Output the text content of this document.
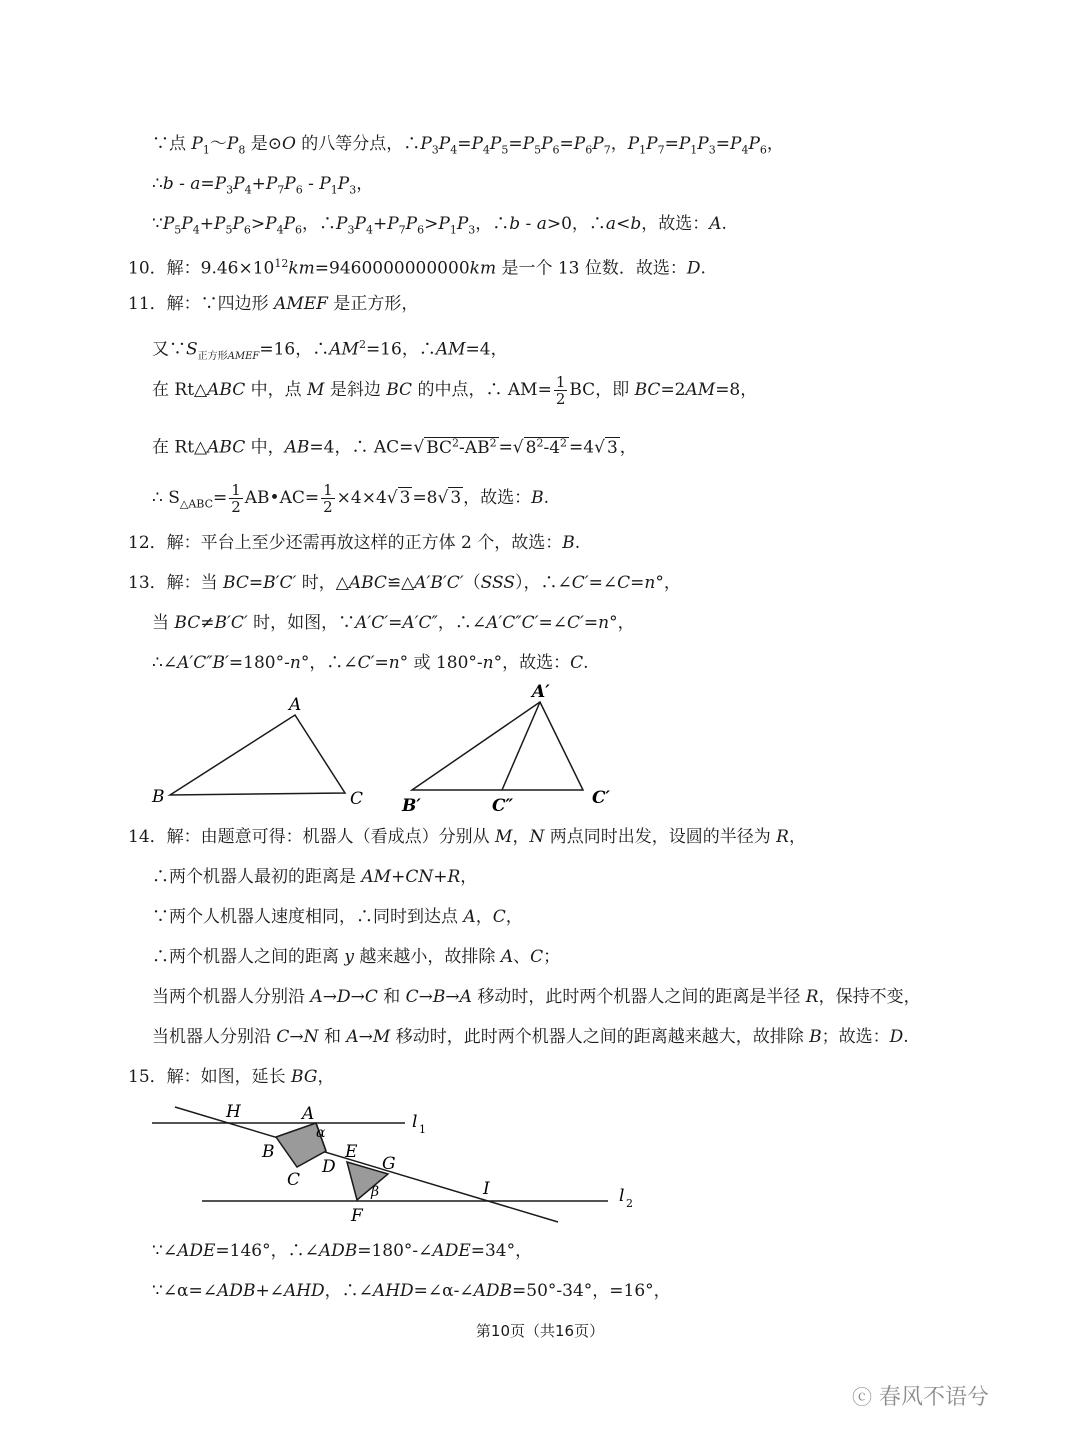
∵点 $P_1\sim P_8$ 是⊙O 的八等分点，$\therefore P_3P_4=P_4P_5=P_5P_6=P_6P_7$，$P_1P_7=P_1P_3=P_4P_6$，
∴b - $a=P_3P_4+P_7P_6 - P_1P_3$，
$\because P_5P_4+P_5P_6>P_4P_6$，$\therefore P_3P_4+P_7P_6>P_1P_3$，∴b - a>0，∴a<b，故选：A.
10．解：$9.46\times 10^{12}km=9460000000000km$ 是一个 13 位数．故选：D.
11．解：∵四边形 AMEF 是正方形，
又$\because S_{正方形AMEF}=16$，$\therefore AM^2=16$，∴AM=4，
在 Rt△ABC 中，点 M 是斜边 BC 的中点，∴ $AM= \frac{1}{2}$ BC，即 BC=2AM=8，
在 Rt△ABC 中，AB=4，∴ AC=√ $BC^2-AB^2$ =√ $8^2-4^2 =4√$ 3 ，
∴ $S_{\triangle ABC}= \frac{1}{2}$ AB•AC= $\frac{1}{2} \times 4\times 4√$ 3 =8√ 3 ，故选：B.
12．解：平台上至少还需再放这样的正方体 2 个，故选：B.
13．解：当 BC=B′C′ 时，△ABC≌△A′B′C′（SSS），∴∠C′=∠C=n°，
当 BC≠B′C′ 时，如图，∵A′C′=A′C″，∴∠A′C″C′=∠C′=n°，
∴∠A′C″B′=180°-n°，∴∠C′=n° 或 180°-n°，故选：C.
A
B	C
A′
B′	C″	C′
14．解：由题意可得：机器人（看成点）分别从 M，N 两点同时出发，设圆的半径为 R，
∴两个机器人最初的距离是 AM+CN+R，
∵两个人机器人速度相同，∴同时到达点 A，C，
∴两个机器人之间的距离 y 越来越小，故排除 A、C；
当两个机器人分别沿 A→D→C 和 C→B→A 移动时，此时两个机器人之间的距离是半径 R，保持不变，
当机器人分别沿 C→N 和 A→M 移动时，此时两个机器人之间的距离越来越大，故排除 B；故选：D.
15．解：如图，延长 BG，
H	A
α
l 1
B	E
G
D
C
β	I
F
l 2
∵∠ADE=146°，∴∠ADB=180°-∠ADE=34°，
∵∠α=∠ADB+∠AHD，∴∠AHD=∠α-∠ADB=50°-34°，=16°，
第10页（共16页）
ⓒ 春风不语兮
